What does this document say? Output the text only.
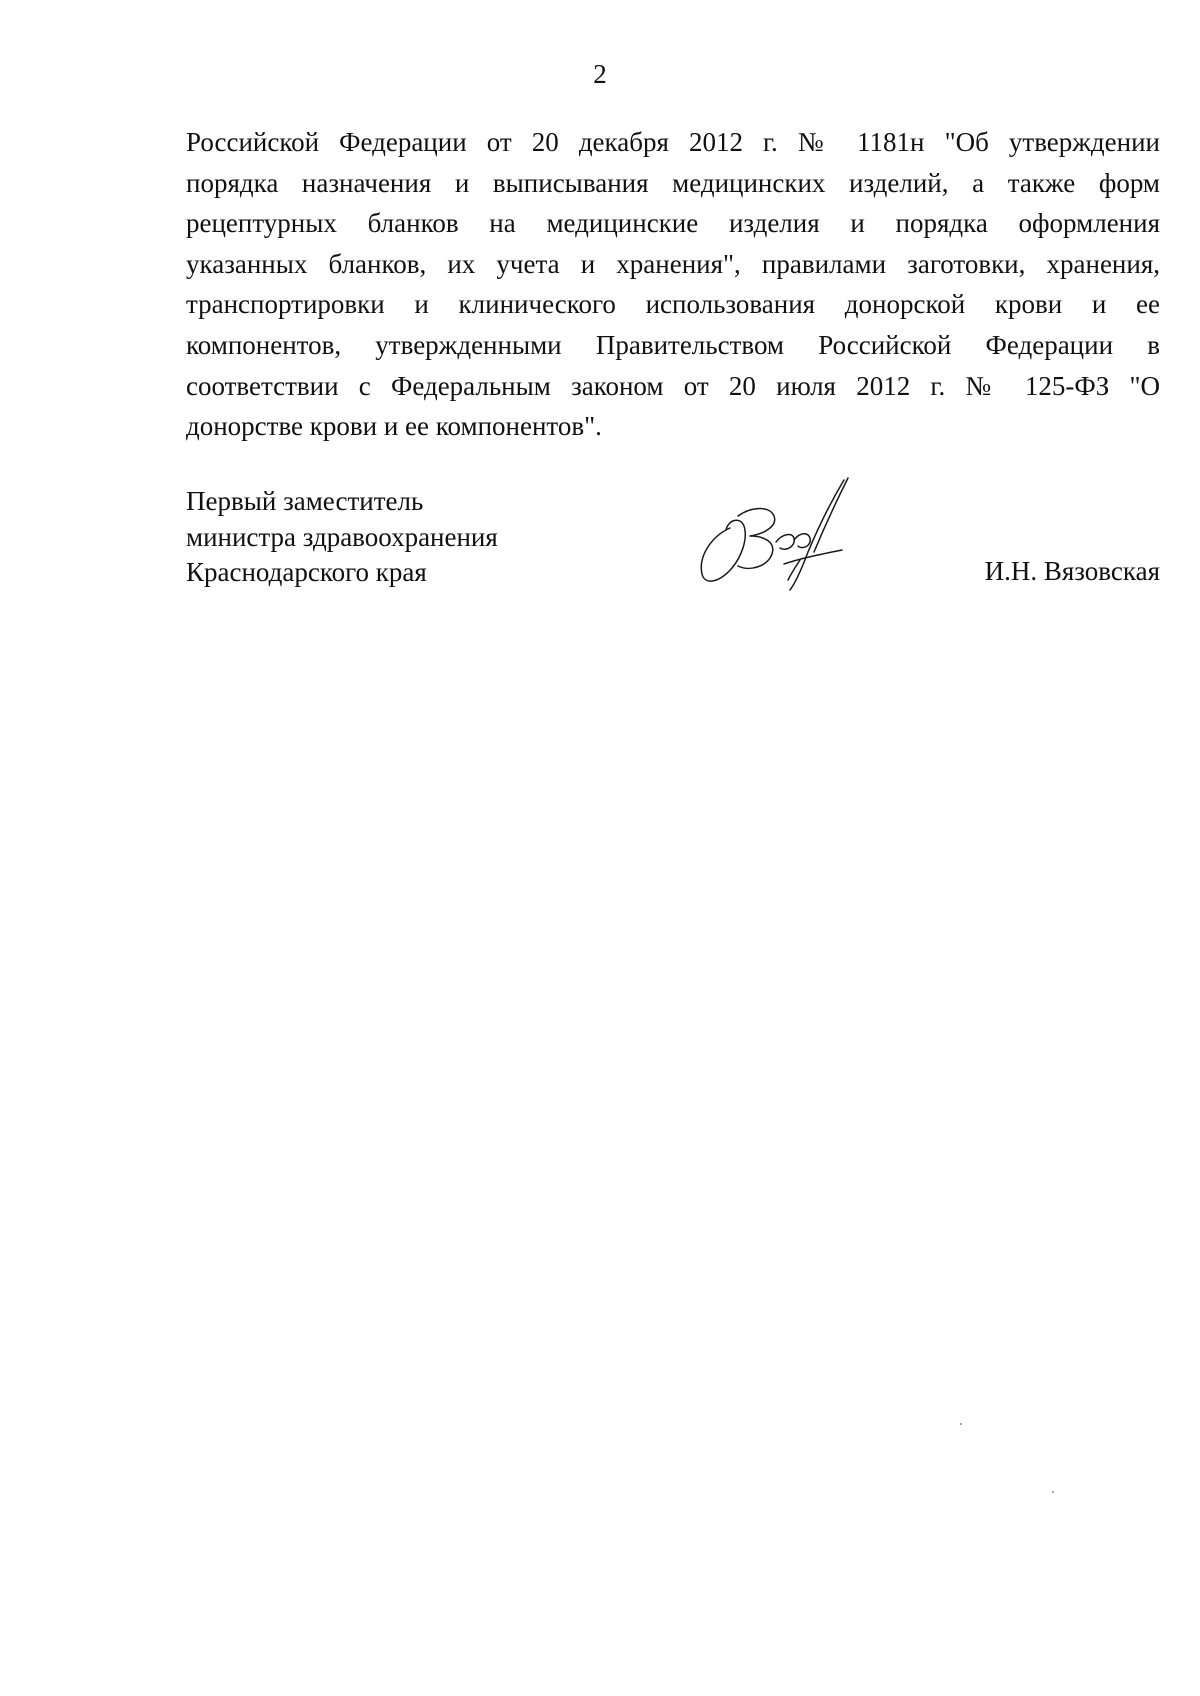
2
Российской Федерации от 20 декабря 2012 г. № 1181н "Об утверждении
порядка назначения и выписывания медицинских изделий, а также форм
рецептурных бланков на медицинские изделия и порядка оформления
указанных бланков, их учета и хранения", правилами заготовки, хранения,
транспортировки и клинического использования донорской крови и ее
компонентов, утвержденными Правительством Российской Федерации в
соответствии с Федеральным законом от 20 июля 2012 г. № 125-ФЗ "О
донорстве крови и ее компонентов".
Первый заместитель
министра здравоохранения
Краснодарского края	И.Н. Вязовская
